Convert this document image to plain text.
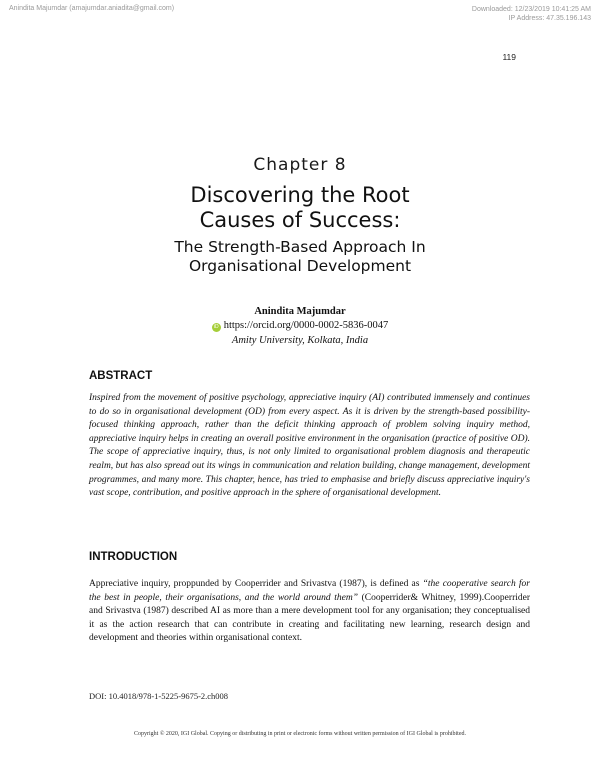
Anindita Majumdar (amajumdar.aniadita@gmail.com)	Downloaded: 12/23/2019 10:41:25 AM
IP Address: 47.35.196.143
119
Chapter 8
Discovering the Root
Causes of Success:
The Strength-Based Approach In
Organisational Development
Anindita Majumdar
iD https://orcid.org/0000-0002-5836-0047
Amity University, Kolkata, India
ABSTRACT
Inspired from the movement of positive psychology, appreciative inquiry (AI) contributed immensely and continues to do so in organisational development (OD) from every aspect. As it is driven by the strength-based possibility-focused thinking approach, rather than the deficit thinking approach of problem solving inquiry method, appreciative inquiry helps in creating an overall positive environment in the organisation (practice of positive OD). The scope of appreciative inquiry, thus, is not only limited to organisational problem diagnosis and therapeutic realm, but has also spread out its wings in communication and relation building, change management, development programmes, and many more. This chapter, hence, has tried to emphasise and briefly discuss appreciative inquiry's vast scope, contribution, and positive approach in the sphere of organisational development.
INTRODUCTION
Appreciative inquiry, proppunded by Cooperrider and Srivastva (1987), is defined as “the cooperative search for the best in people, their organisations, and the world around them” (Cooperrider& Whitney, 1999).Cooperrider and Srivastva (1987) described AI as more than a mere development tool for any organisation; they conceptualised it as the action research that can contribute in creating and facilitating new learning, research design and development and theories within organisational context.
DOI: 10.4018/978-1-5225-9675-2.ch008
Copyright © 2020, IGI Global. Copying or distributing in print or electronic forms without written permission of IGI Global is prohibited.
